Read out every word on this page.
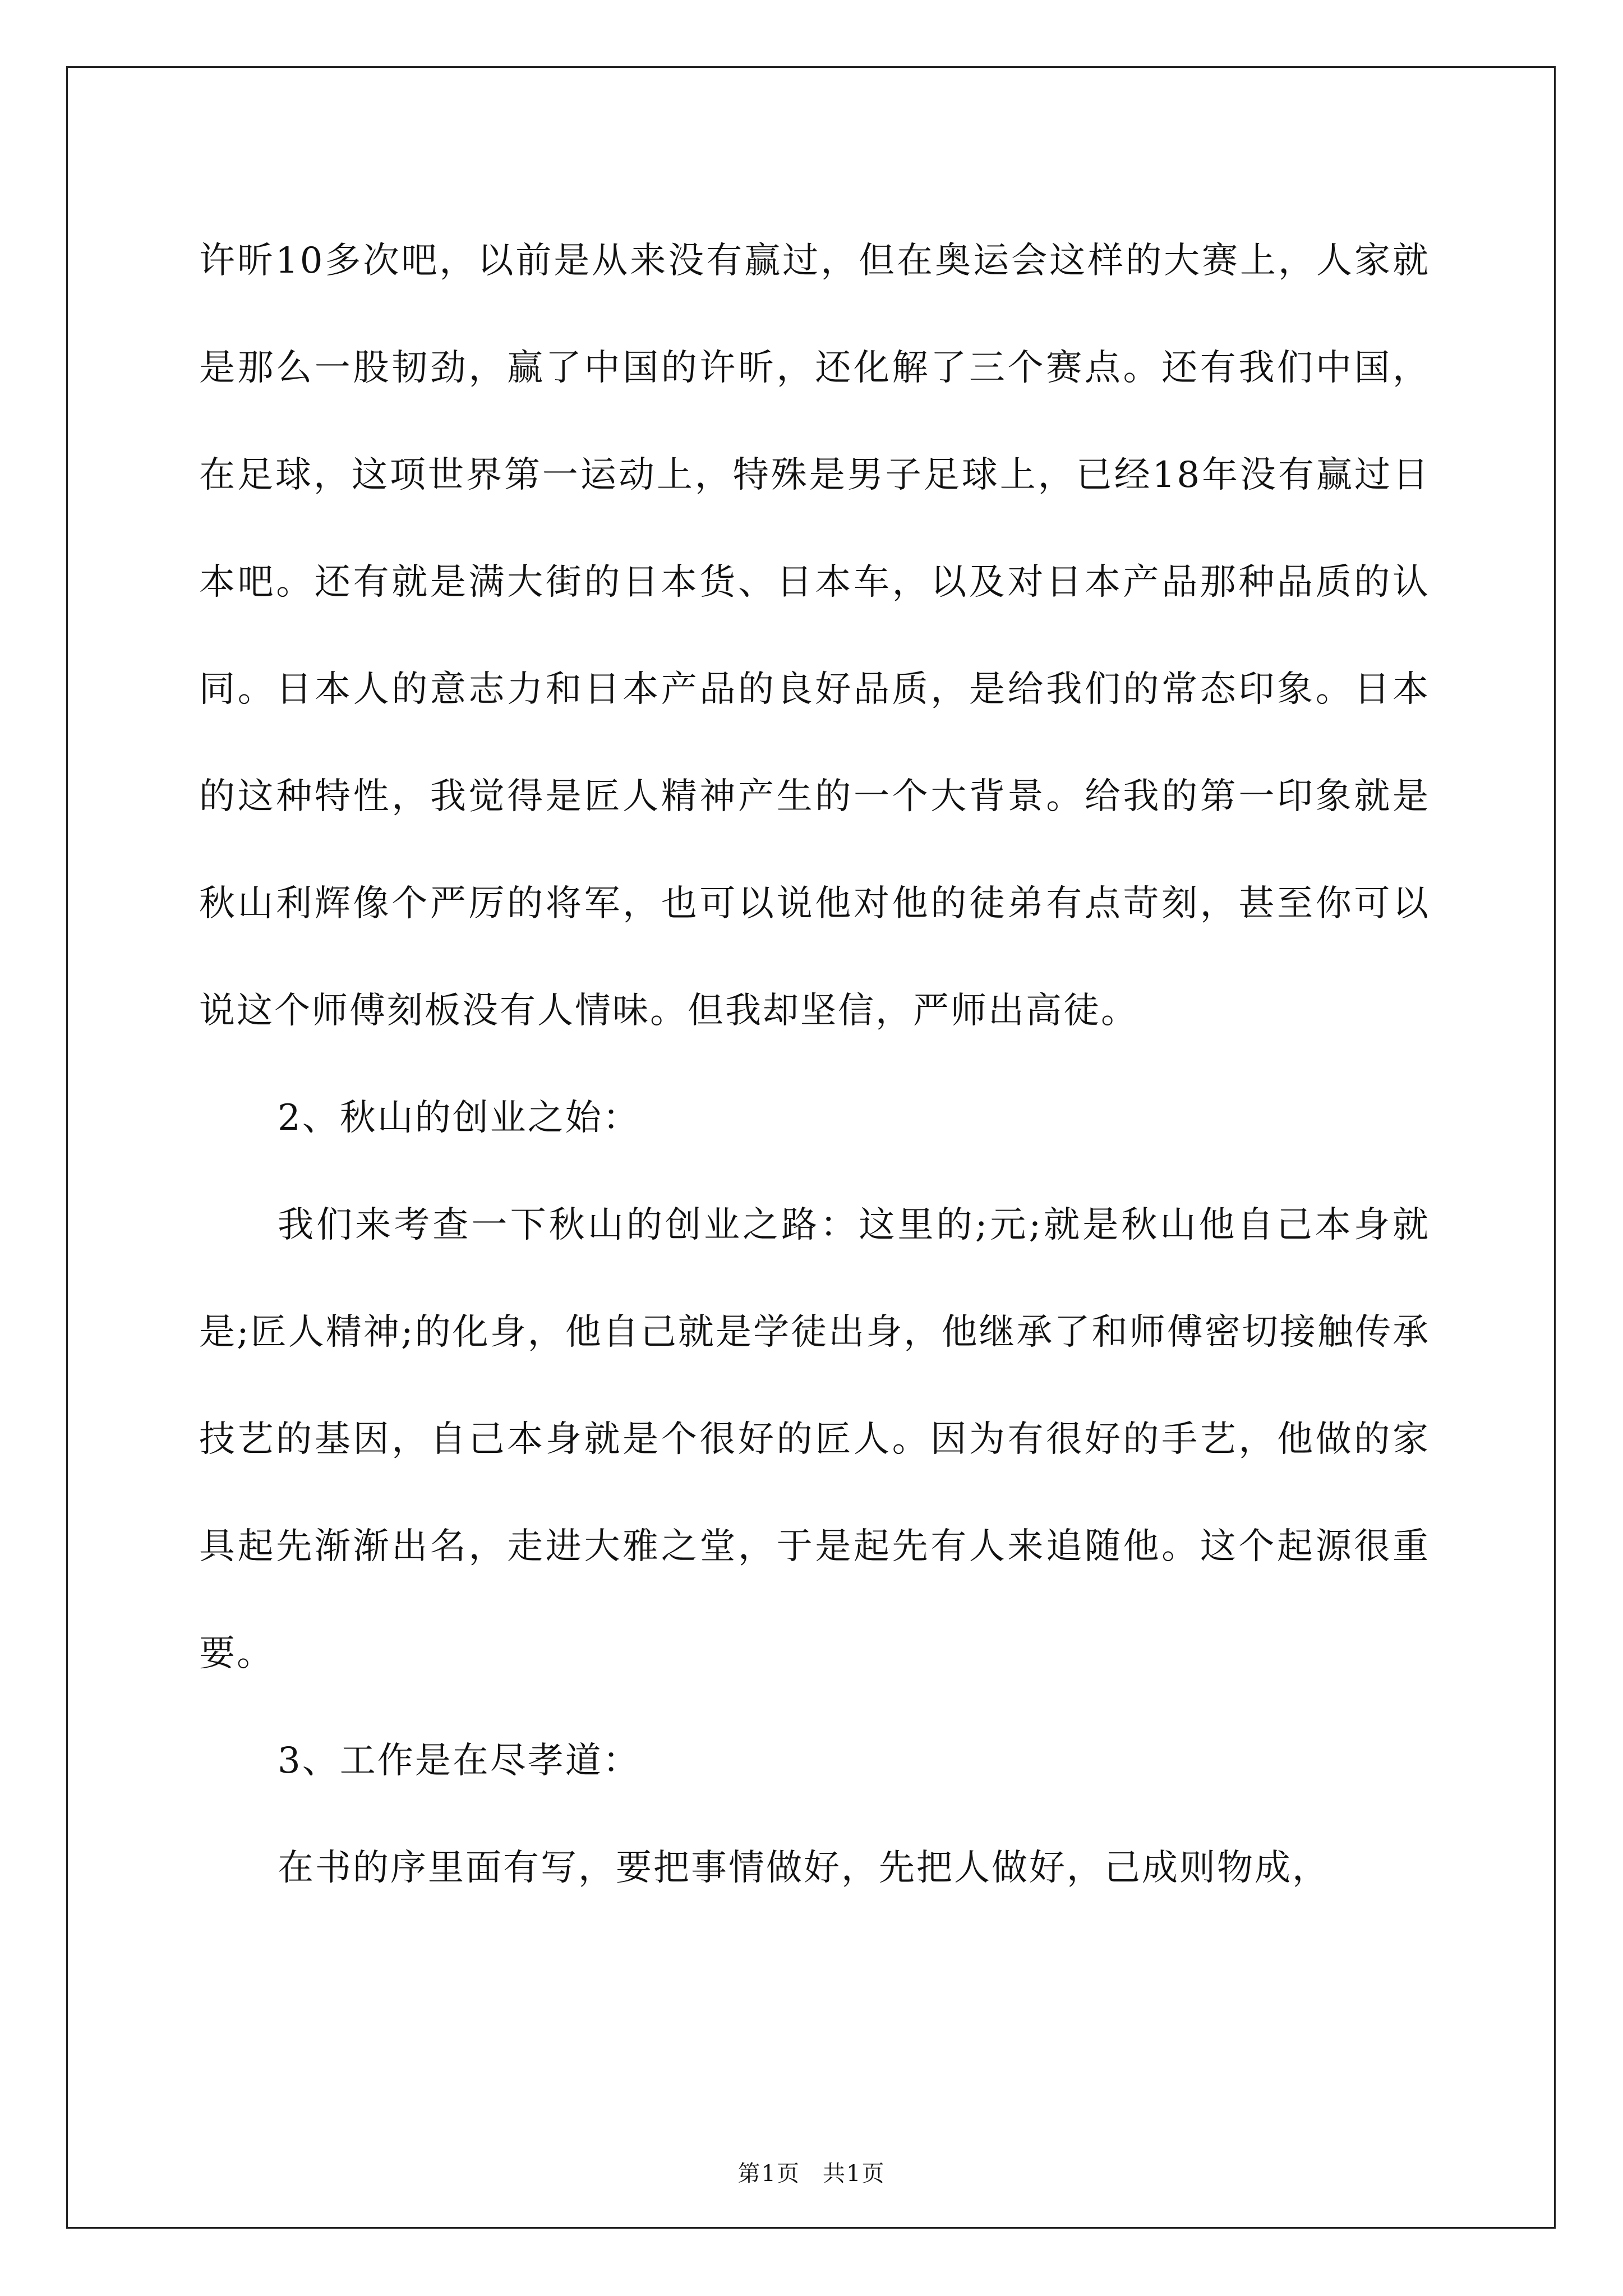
许昕10多次吧，以前是从来没有赢过，但在奥运会这样的大赛上，人家就是那么一股韧劲，赢了中国的许昕，还化解了三个赛点。还有我们中国，在足球，这项世界第一运动上，特殊是男子足球上，已经18年没有赢过日本吧。还有就是满大街的日本货、日本车，以及对日本产品那种品质的认同。日本人的意志力和日本产品的良好品质，是给我们的常态印象。日本的这种特性，我觉得是匠人精神产生的一个大背景。给我的第一印象就是秋山利辉像个严厉的将军，也可以说他对他的徒弟有点苛刻，甚至你可以说这个师傅刻板没有人情味。但我却坚信，严师出高徒。

2、秋山的创业之始：

我们来考查一下秋山的创业之路：这里的;元;就是秋山他自己本身就是;匠人精神;的化身，他自己就是学徒出身，他继承了和师傅密切接触传承技艺的基因，自己本身就是个很好的匠人。因为有很好的手艺，他做的家具起先渐渐出名，走进大雅之堂，于是起先有人来追随他。这个起源很重要。

3、工作是在尽孝道：

在书的序里面有写，要把事情做好，先把人做好，己成则物成，

第1页 共1页
